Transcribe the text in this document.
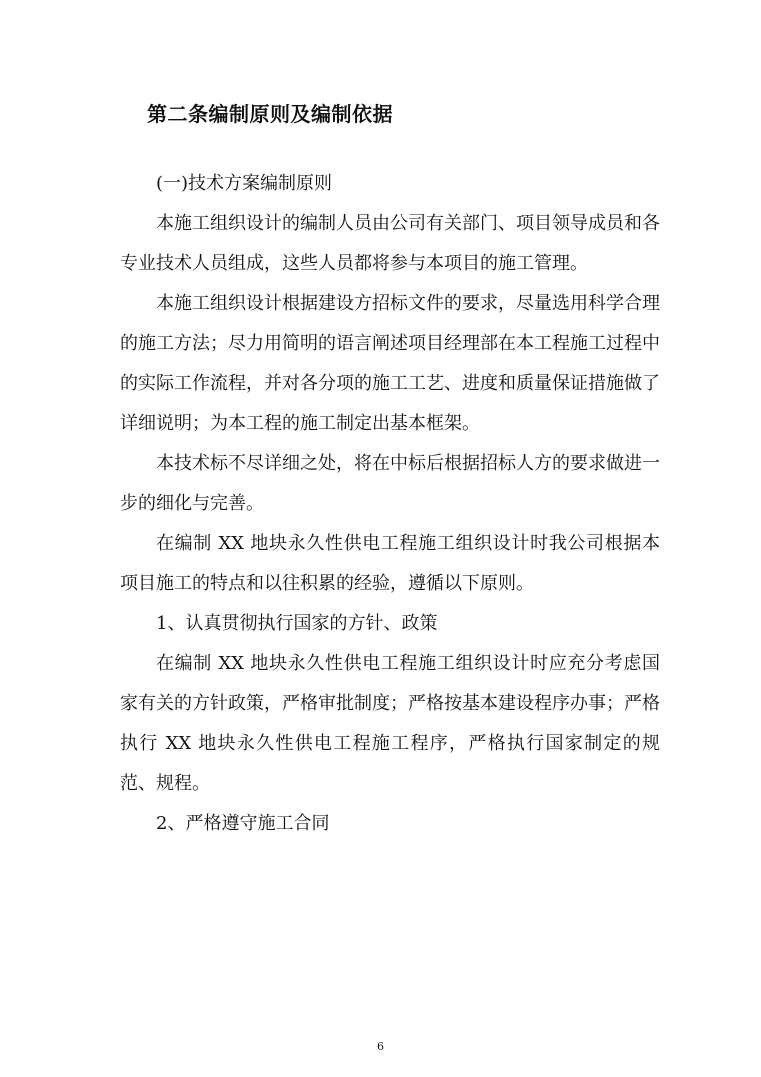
第二条编制原则及编制依据

(一)技术方案编制原则

本施工组织设计的编制人员由公司有关部门、项目领导成员和各专业技术人员组成，这些人员都将参与本项目的施工管理。

本施工组织设计根据建设方招标文件的要求，尽量选用科学合理的施工方法；尽力用简明的语言阐述项目经理部在本工程施工过程中的实际工作流程，并对各分项的施工工艺、进度和质量保证措施做了详细说明；为本工程的施工制定出基本框架。

本技术标不尽详细之处，将在中标后根据招标人方的要求做进一步的细化与完善。

在编制 XX 地块永久性供电工程施工组织设计时我公司根据本项目施工的特点和以往积累的经验，遵循以下原则。

1、认真贯彻执行国家的方针、政策

在编制 XX 地块永久性供电工程施工组织设计时应充分考虑国家有关的方针政策，严格审批制度；严格按基本建设程序办事；严格执行 XX 地块永久性供电工程施工程序，严格执行国家制定的规范、规程。

2、严格遵守施工合同

6
